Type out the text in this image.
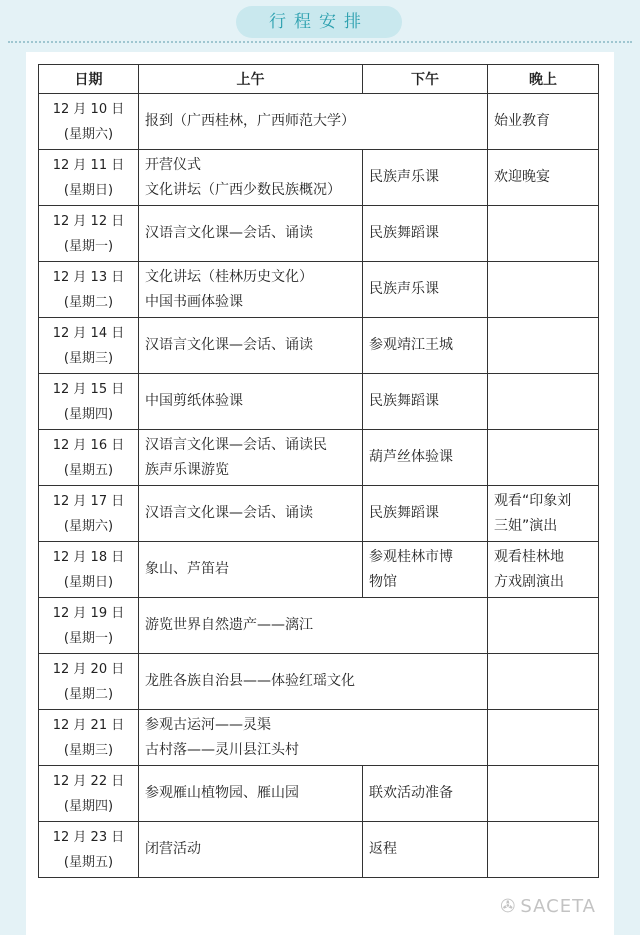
行程安排
日期	上午	下午	晚上

12 月 10 日
(星期六)	报到（广西桂林，广西师范大学）		始业教育

12 月 11 日
(星期日)	开营仪式
文化讲坛（广西少数民族概况）	民族声乐课	欢迎晚宴

12 月 12 日
(星期一)	汉语言文化课—会话、诵读	民族舞蹈课	

12 月 13 日
(星期二)	文化讲坛（桂林历史文化）
中国书画体验课	民族声乐课	

12 月 14 日
(星期三)	汉语言文化课—会话、诵读	参观靖江王城	

12 月 15 日
(星期四)	中国剪纸体验课	民族舞蹈课	

12 月 16 日
(星期五)	汉语言文化课—会话、诵读民
族声乐课游览	葫芦丝体验课	

12 月 17 日
(星期六)	汉语言文化课—会话、诵读	民族舞蹈课	观看“印象刘
三姐”演出

12 月 18 日
(星期日)	象山、芦笛岩	参观桂林市博
物馆	观看桂林地
方戏剧演出

12 月 19 日
(星期一)	游览世界自然遗产——漓江		

12 月 20 日
(星期二)	龙胜各族自治县——体验红瑶文化		

12 月 21 日
(星期三)	参观古运河——灵渠
古村落——灵川县江头村		

12 月 22 日
(星期四)	参观雁山植物园、雁山园	联欢活动准备	

12 月 23 日
(星期五)	闭营活动	返程	

✇ SACETA
